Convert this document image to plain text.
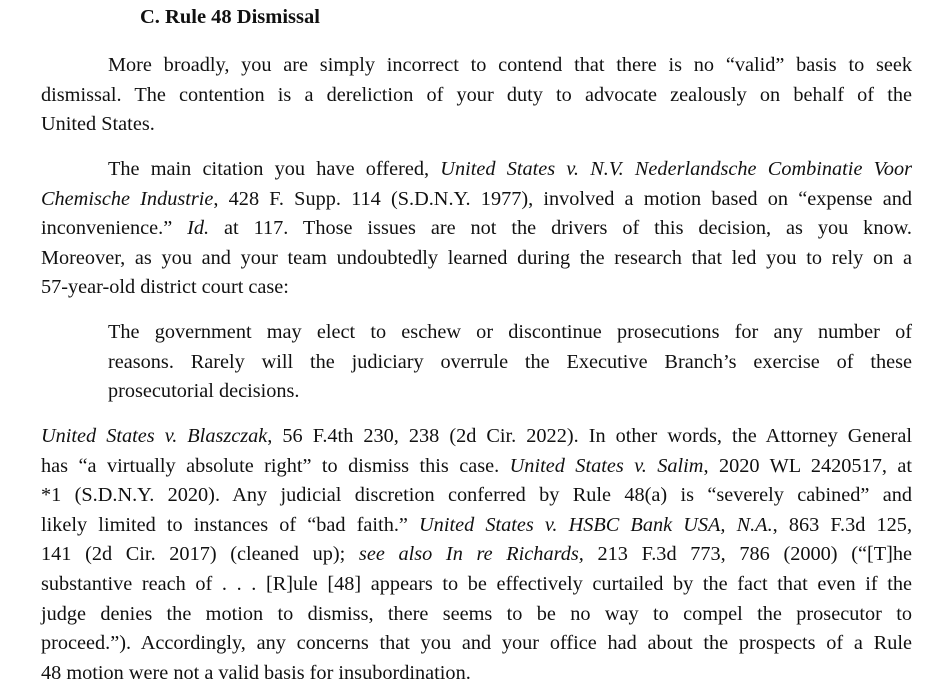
C. Rule 48 Dismissal
More broadly, you are simply incorrect to contend that there is no “valid” basis to seek
dismissal. The contention is a dereliction of your duty to advocate zealously on behalf of the
United States.
The main citation you have offered, United States v. N.V. Nederlandsche Combinatie Voor
Chemische Industrie, 428 F. Supp. 114 (S.D.N.Y. 1977), involved a motion based on “expense and
inconvenience.” Id. at 117. Those issues are not the drivers of this decision, as you know.
Moreover, as you and your team undoubtedly learned during the research that led you to rely on a
57-year-old district court case:
The government may elect to eschew or discontinue prosecutions for any number of
reasons. Rarely will the judiciary overrule the Executive Branch’s exercise of these
prosecutorial decisions.
United States v. Blaszczak, 56 F.4th 230, 238 (2d Cir. 2022). In other words, the Attorney General
has “a virtually absolute right” to dismiss this case. United States v. Salim, 2020 WL 2420517, at
*1 (S.D.N.Y. 2020). Any judicial discretion conferred by Rule 48(a) is “severely cabined” and
likely limited to instances of “bad faith.” United States v. HSBC Bank USA, N.A., 863 F.3d 125,
141 (2d Cir. 2017) (cleaned up); see also In re Richards, 213 F.3d 773, 786 (2000) (“[T]he
substantive reach of . . . [R]ule [48] appears to be effectively curtailed by the fact that even if the
judge denies the motion to dismiss, there seems to be no way to compel the prosecutor to
proceed.”). Accordingly, any concerns that you and your office had about the prospects of a Rule
48 motion were not a valid basis for insubordination.
